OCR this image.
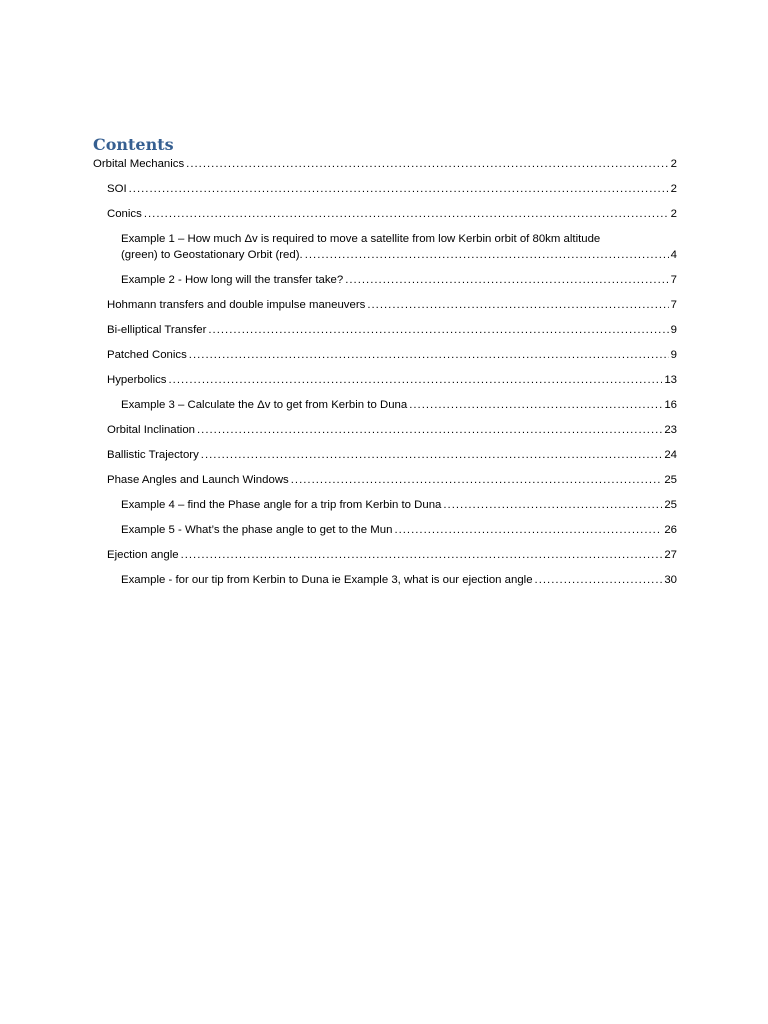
Contents
Orbital Mechanics .....	2
SOI .....	2
Conics .....	2
Example 1 – How much Δv is required to move a satellite from low Kerbin orbit of 80km altitude
(green) to Geostationary Orbit (red). .....	4
Example 2 - How long will the transfer take? .....	7
Hohmann transfers and double impulse maneuvers .....	7
Bi-elliptical Transfer .....	9
Patched Conics .....	9
Hyperbolics .....	13
Example 3 – Calculate the Δv to get from Kerbin to Duna .....	16
Orbital Inclination .....	23
Ballistic Trajectory .....	24
Phase Angles and Launch Windows .....	25
Example 4 – find the Phase angle for a trip from Kerbin to Duna .....	25
Example 5 - What’s the phase angle to get to the Mun .....	26
Ejection angle .....	27
Example - for our tip from Kerbin to Duna ie Example 3, what is our ejection angle .....	30
